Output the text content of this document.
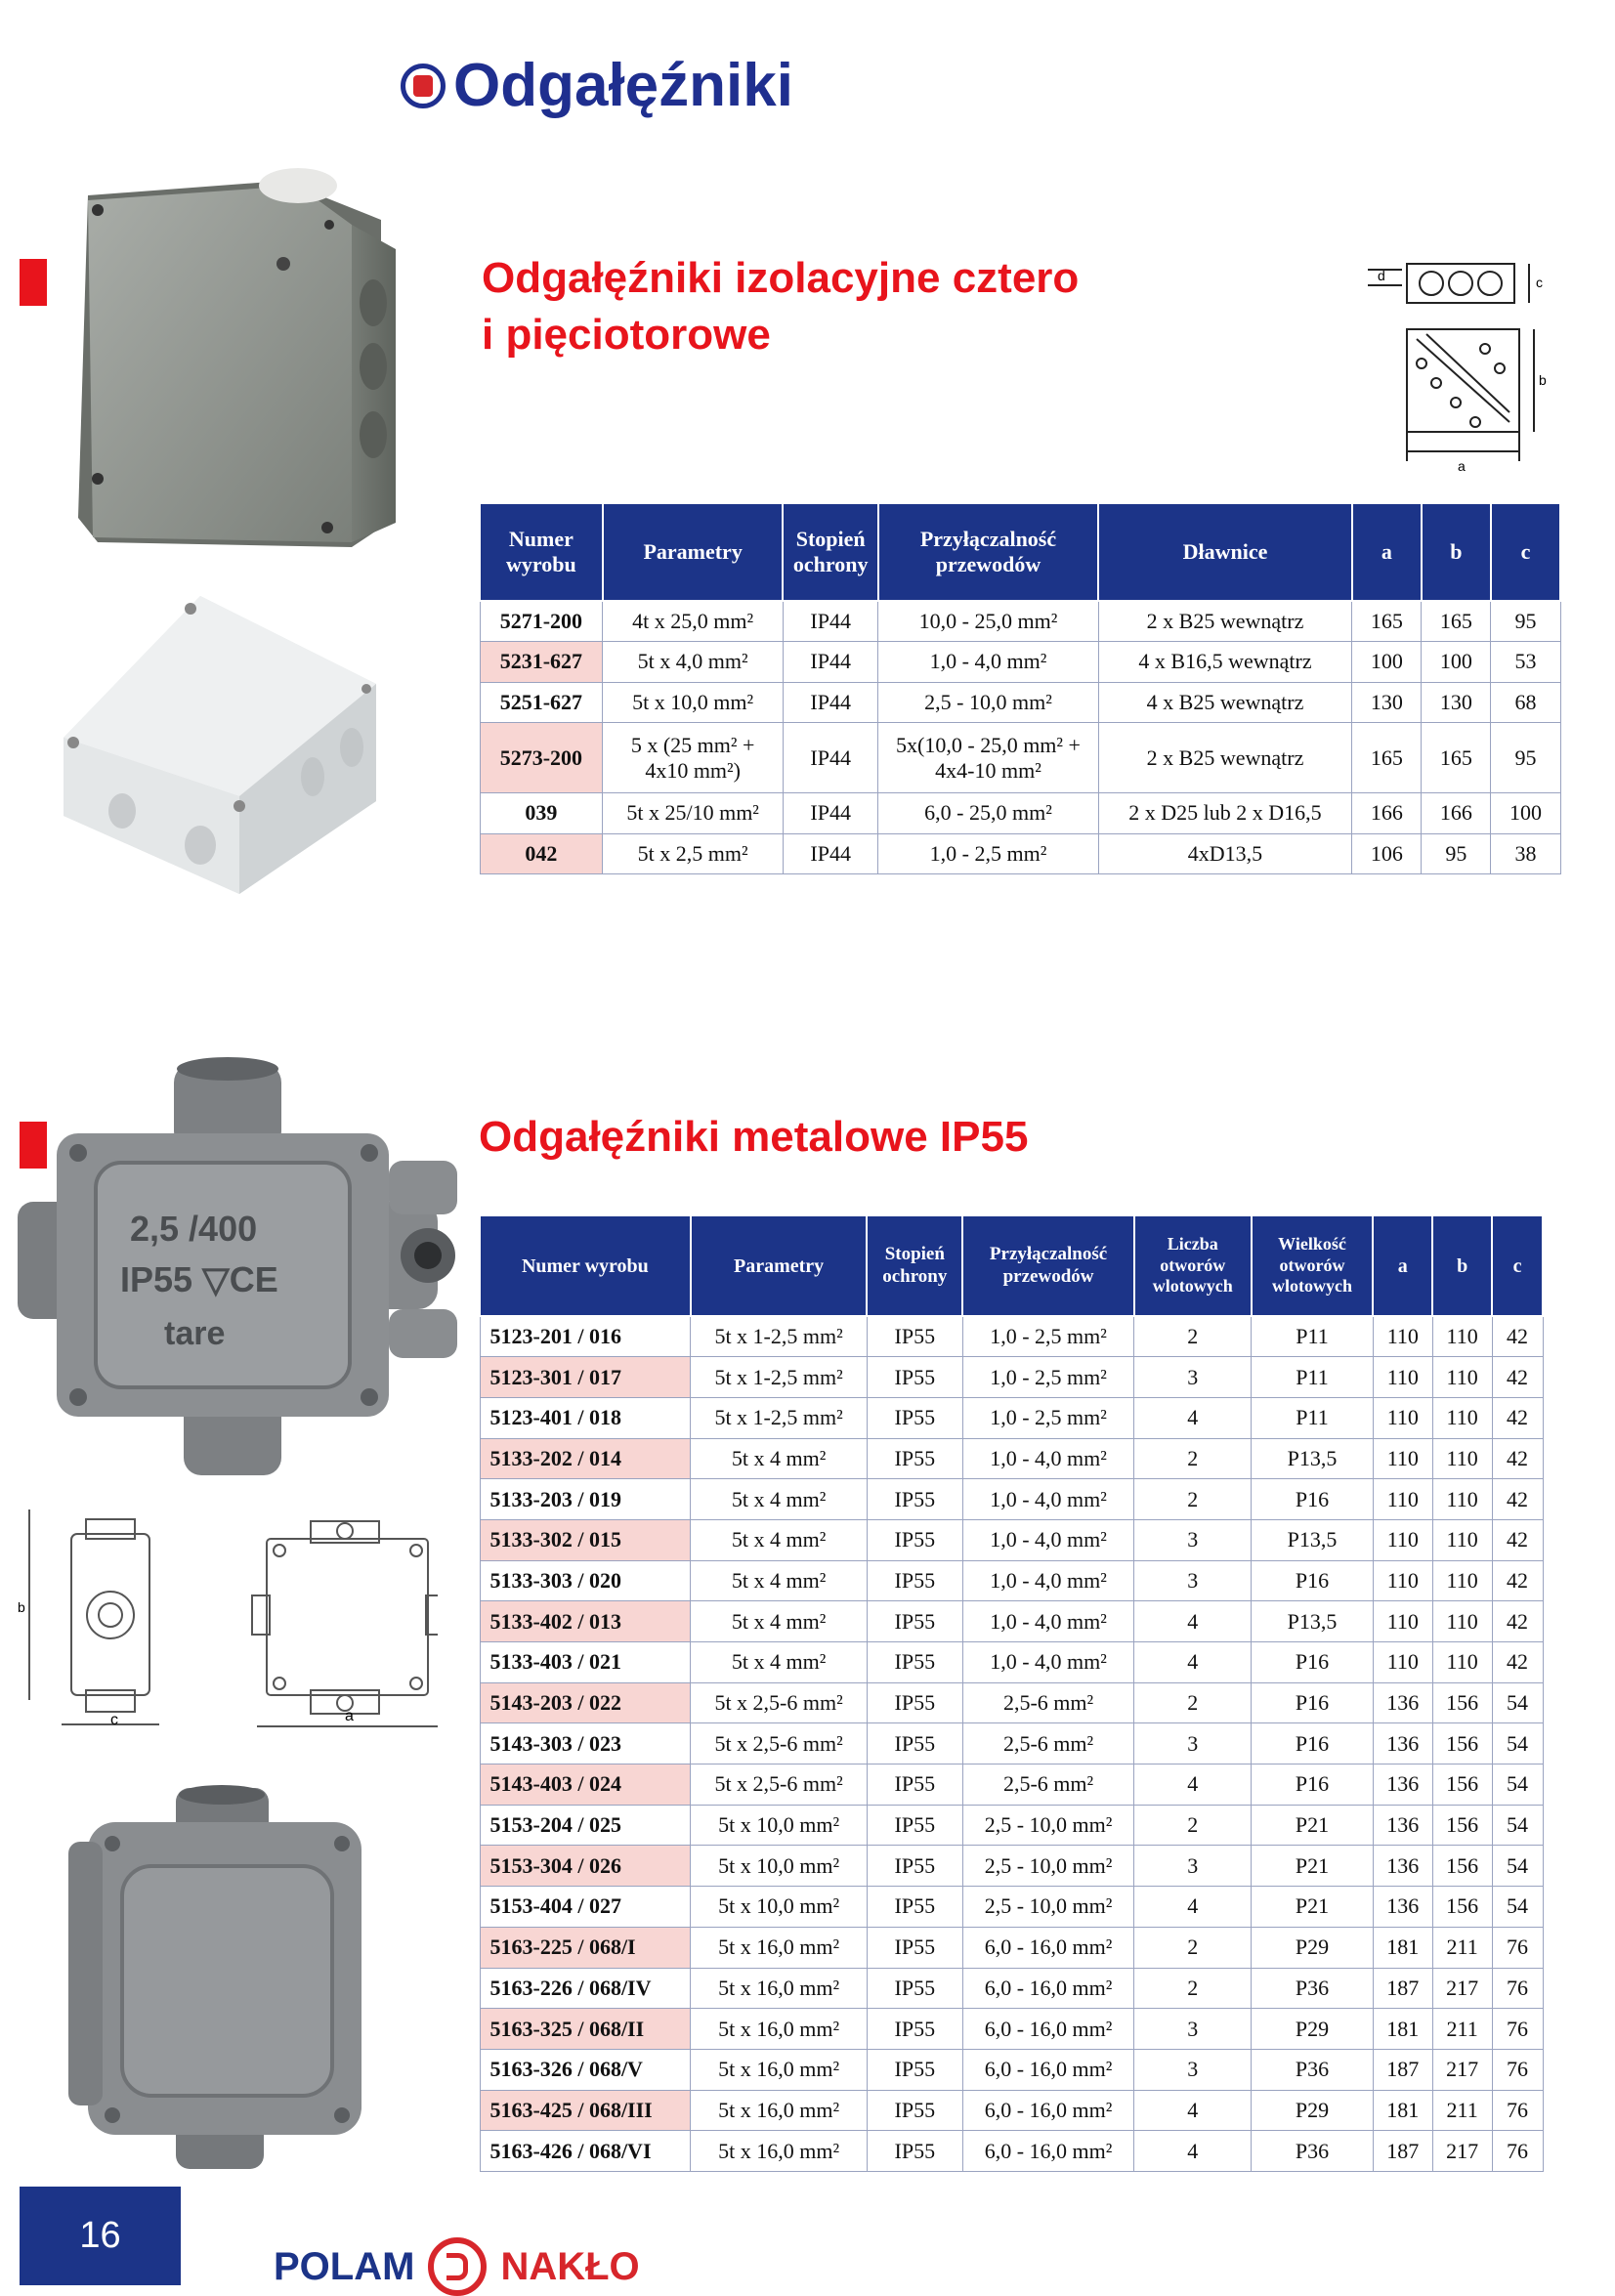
Odgałęźniki
Odgałęźniki izolacyjne cztero
i pięciotorowe
d	c
b
a
Numer wyrobu	Parametry	Stopień ochrony	Przyłączalność przewodów	Dławnice	a	b	c
5271-200	4t x 25,0 mm²	IP44	10,0 - 25,0 mm²	2 x B25 wewnątrz	165	165	95
5231-627	5t x 4,0 mm²	IP44	1,0 - 4,0 mm²	4 x B16,5 wewnątrz	100	100	53
5251-627	5t x 10,0 mm²	IP44	2,5 - 10,0 mm²	4 x B25 wewnątrz	130	130	68
5273-200	5 x (25 mm² + 4x10 mm²)	IP44	5x(10,0 - 25,0 mm² + 4x4-10 mm²	2 x B25 wewnątrz	165	165	95
039	5t x 25/10 mm²	IP44	6,0 - 25,0 mm²	2 x D25 lub 2 x D16,5	166	166	100
042	5t x 2,5 mm²	IP44	1,0 - 2,5 mm²	4xD13,5	106	95	38
Odgałęźniki metalowe IP55
2,5 /400
IP55 ▽CE
tare
c
b
a
Numer wyrobu	Parametry	Stopień ochrony	Przyłączalność przewodów	Liczba otworów wlotowych	Wielkość otworów wlotowych	a	b	c
5123-201 / 016	5t x 1-2,5 mm²	IP55	1,0 - 2,5 mm²	2	P11	110	110	42
5123-301 / 017	5t x 1-2,5 mm²	IP55	1,0 - 2,5 mm²	3	P11	110	110	42
5123-401 / 018	5t x 1-2,5 mm²	IP55	1,0 - 2,5 mm²	4	P11	110	110	42
5133-202 / 014	5t x 4 mm²	IP55	1,0 - 4,0 mm²	2	P13,5	110	110	42
5133-203 / 019	5t x 4 mm²	IP55	1,0 - 4,0 mm²	2	P16	110	110	42
5133-302 / 015	5t x 4 mm²	IP55	1,0 - 4,0 mm²	3	P13,5	110	110	42
5133-303 / 020	5t x 4 mm²	IP55	1,0 - 4,0 mm²	3	P16	110	110	42
5133-402 / 013	5t x 4 mm²	IP55	1,0 - 4,0 mm²	4	P13,5	110	110	42
5133-403 / 021	5t x 4 mm²	IP55	1,0 - 4,0 mm²	4	P16	110	110	42
5143-203 / 022	5t x 2,5-6 mm²	IP55	2,5-6 mm²	2	P16	136	156	54
5143-303 / 023	5t x 2,5-6 mm²	IP55	2,5-6 mm²	3	P16	136	156	54
5143-403 / 024	5t x 2,5-6 mm²	IP55	2,5-6 mm²	4	P16	136	156	54
5153-204 / 025	5t x 10,0 mm²	IP55	2,5 - 10,0 mm²	2	P21	136	156	54
5153-304 / 026	5t x 10,0 mm²	IP55	2,5 - 10,0 mm²	3	P21	136	156	54
5153-404 / 027	5t x 10,0 mm²	IP55	2,5 - 10,0 mm²	4	P21	136	156	54
5163-225 / 068/I	5t x 16,0 mm²	IP55	6,0 - 16,0 mm²	2	P29	181	211	76
5163-226 / 068/IV	5t x 16,0 mm²	IP55	6,0 - 16,0 mm²	2	P36	187	217	76
5163-325 / 068/II	5t x 16,0 mm²	IP55	6,0 - 16,0 mm²	3	P29	181	211	76
5163-326 / 068/V	5t x 16,0 mm²	IP55	6,0 - 16,0 mm²	3	P36	187	217	76
5163-425 / 068/III	5t x 16,0 mm²	IP55	6,0 - 16,0 mm²	4	P29	181	211	76
5163-426 / 068/VI	5t x 16,0 mm²	IP55	6,0 - 16,0 mm²	4	P36	187	217	76
16
POLAM NAKŁO
